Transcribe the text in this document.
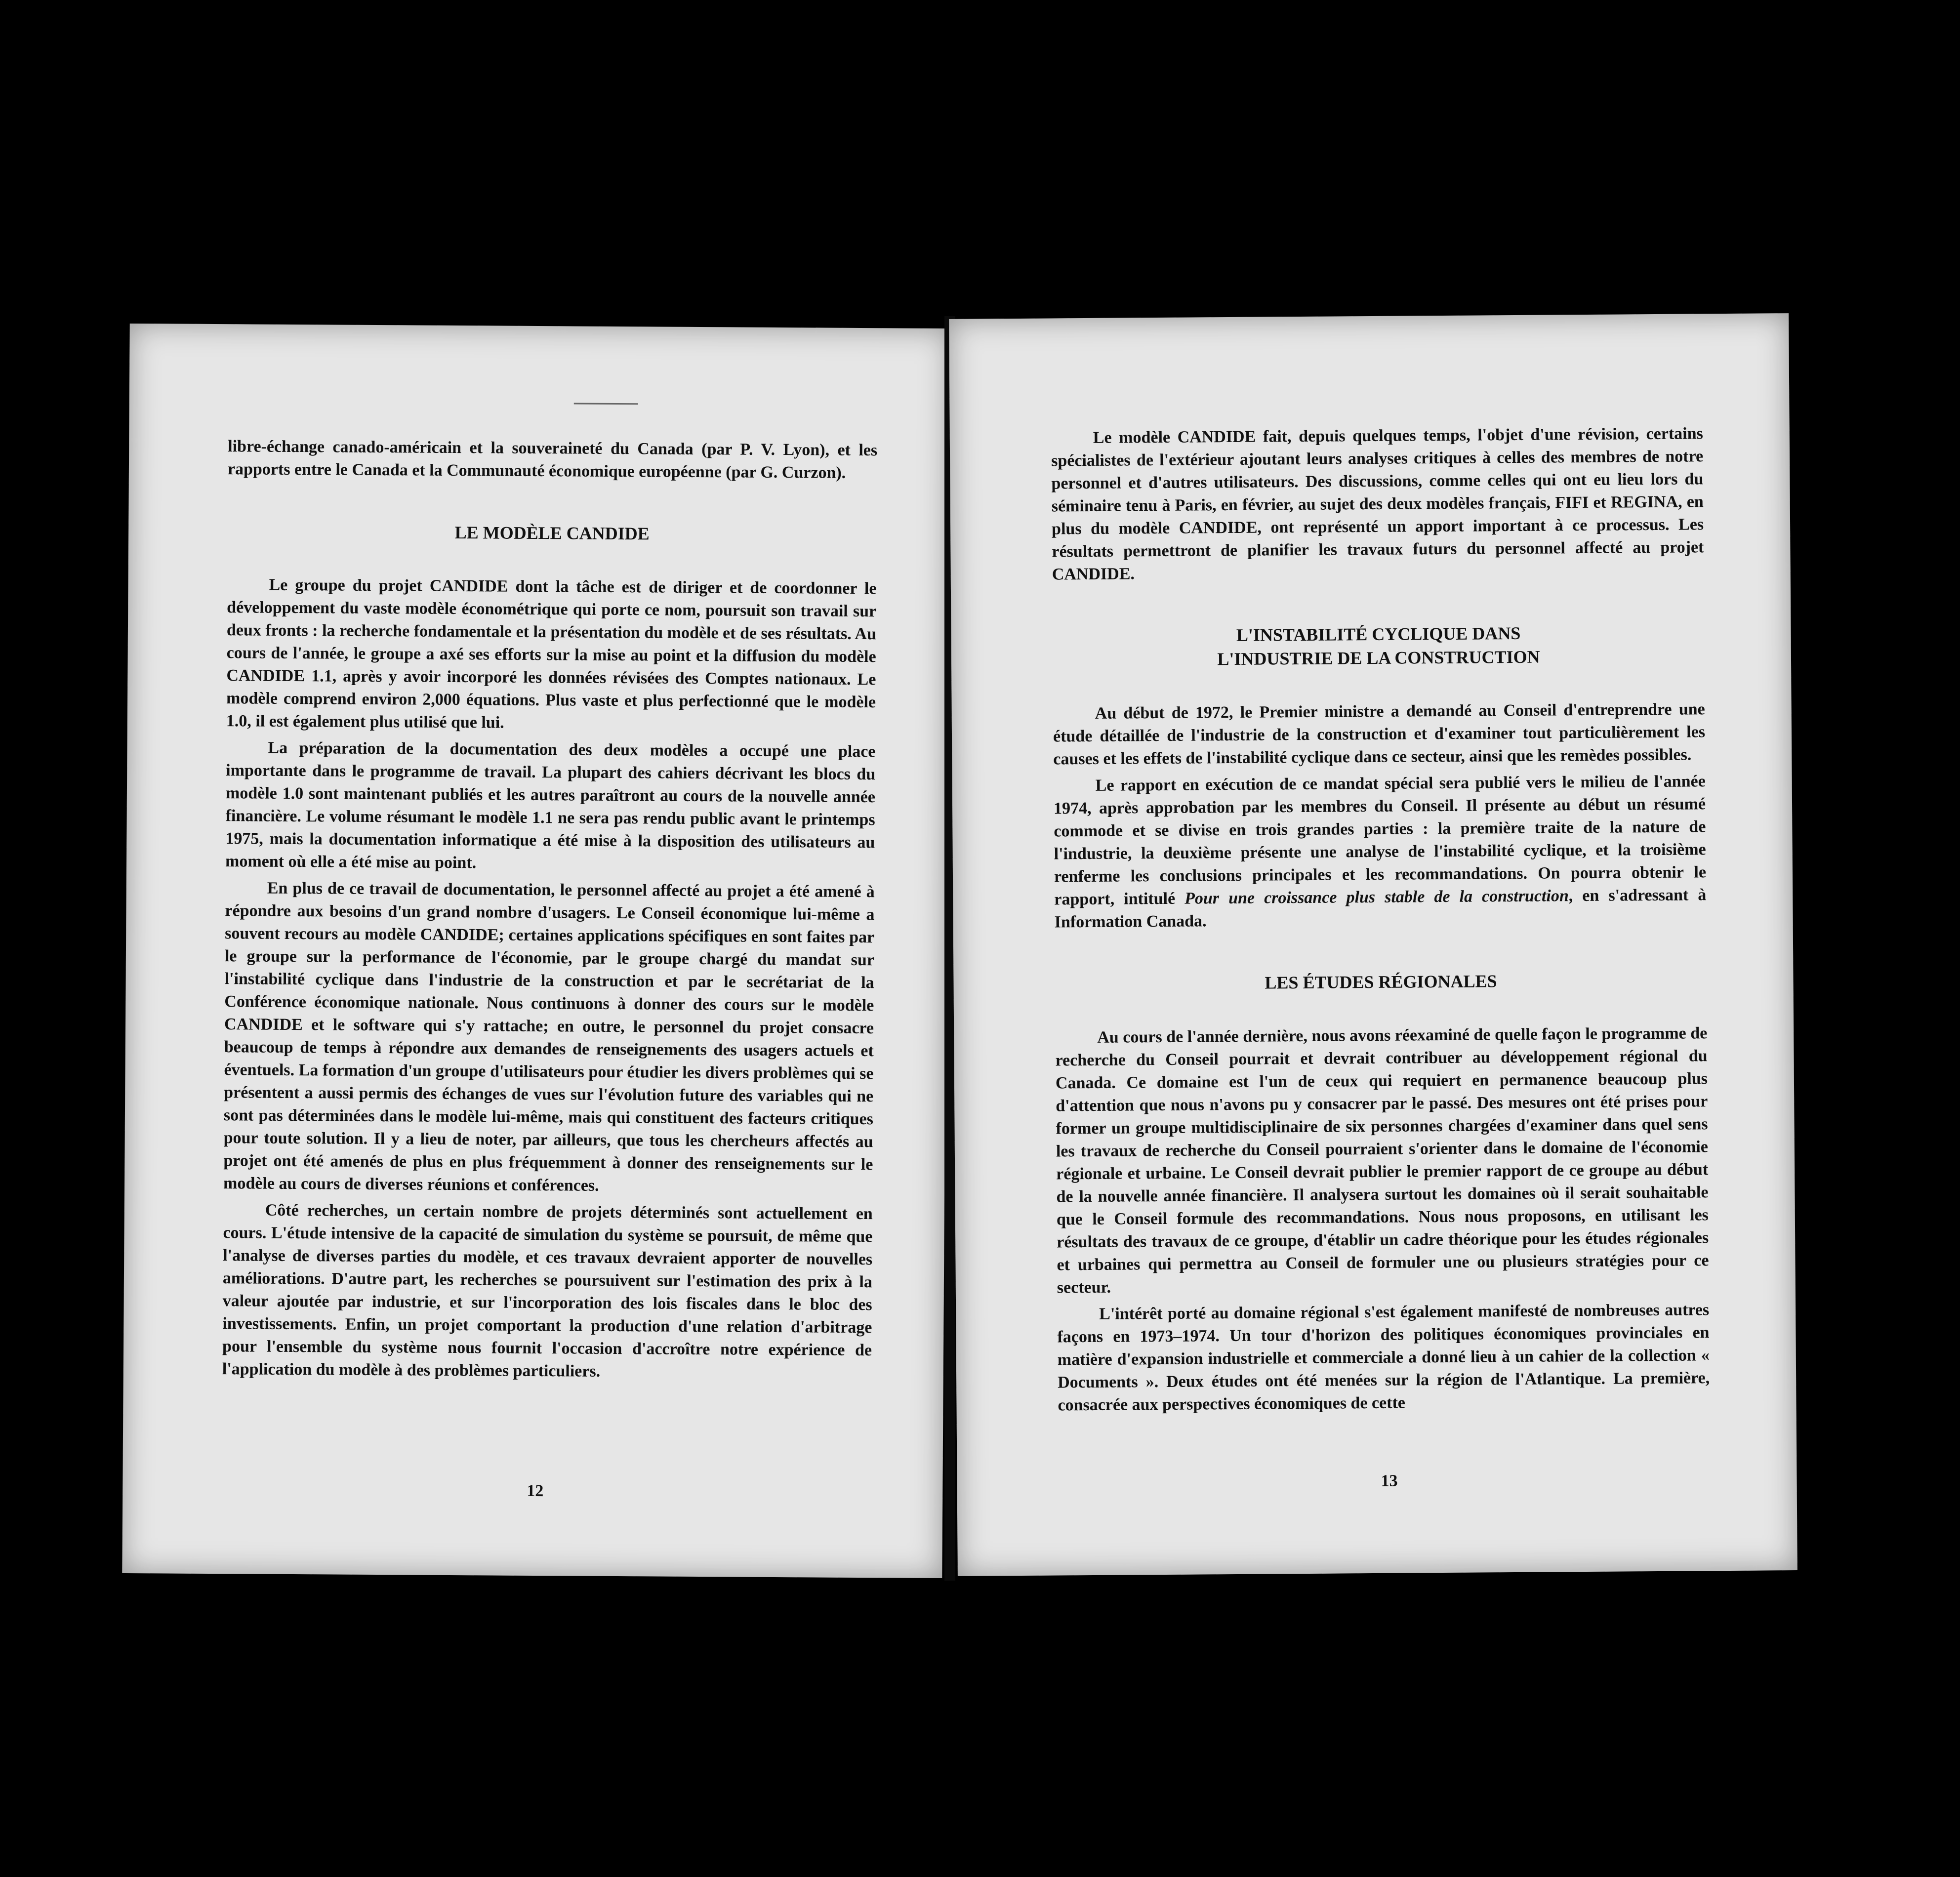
libre-échange canado-américain et la souveraineté du Canada (par P. V. Lyon), et les rapports entre le Canada et la Communauté économique européenne (par G. Curzon).

LE MODÈLE CANDIDE

Le groupe du projet CANDIDE dont la tâche est de diriger et de coordonner le développement du vaste modèle économétrique qui porte ce nom, poursuit son travail sur deux fronts : la recherche fondamentale et la présentation du modèle et de ses résultats. Au cours de l'année, le groupe a axé ses efforts sur la mise au point et la diffusion du modèle CANDIDE 1.1, après y avoir incorporé les données révisées des Comptes nationaux. Le modèle comprend environ 2,000 équations. Plus vaste et plus perfectionné que le modèle 1.0, il est également plus utilisé que lui.

La préparation de la documentation des deux modèles a occupé une place importante dans le programme de travail. La plupart des cahiers décrivant les blocs du modèle 1.0 sont maintenant publiés et les autres paraîtront au cours de la nouvelle année financière. Le volume résumant le modèle 1.1 ne sera pas rendu public avant le printemps 1975, mais la documentation informatique a été mise à la disposition des utilisateurs au moment où elle a été mise au point.

En plus de ce travail de documentation, le personnel affecté au projet a été amené à répondre aux besoins d'un grand nombre d'usagers. Le Conseil économique lui-même a souvent recours au modèle CANDIDE; certaines applications spécifiques en sont faites par le groupe sur la performance de l'économie, par le groupe chargé du mandat sur l'instabilité cyclique dans l'industrie de la construction et par le secrétariat de la Conférence économique nationale. Nous continuons à donner des cours sur le modèle CANDIDE et le software qui s'y rattache; en outre, le personnel du projet consacre beaucoup de temps à répondre aux demandes de renseignements des usagers actuels et éventuels. La formation d'un groupe d'utilisateurs pour étudier les divers problèmes qui se présentent a aussi permis des échanges de vues sur l'évolution future des variables qui ne sont pas déterminées dans le modèle lui-même, mais qui constituent des facteurs critiques pour toute solution. Il y a lieu de noter, par ailleurs, que tous les chercheurs affectés au projet ont été amenés de plus en plus fréquemment à donner des renseignements sur le modèle au cours de diverses réunions et conférences.

Côté recherches, un certain nombre de projets déterminés sont actuellement en cours. L'étude intensive de la capacité de simulation du système se poursuit, de même que l'analyse de diverses parties du modèle, et ces travaux devraient apporter de nouvelles améliorations. D'autre part, les recherches se poursuivent sur l'estimation des prix à la valeur ajoutée par industrie, et sur l'incorporation des lois fiscales dans le bloc des investissements. Enfin, un projet comportant la production d'une relation d'arbitrage pour l'ensemble du système nous fournit l'occasion d'accroître notre expérience de l'application du modèle à des problèmes particuliers.

12

Le modèle CANDIDE fait, depuis quelques temps, l'objet d'une révision, certains spécialistes de l'extérieur ajoutant leurs analyses critiques à celles des membres de notre personnel et d'autres utilisateurs. Des discussions, comme celles qui ont eu lieu lors du séminaire tenu à Paris, en février, au sujet des deux modèles français, FIFI et REGINA, en plus du modèle CANDIDE, ont représenté un apport important à ce processus. Les résultats permettront de planifier les travaux futurs du personnel affecté au projet CANDIDE.

L'INSTABILITÉ CYCLIQUE DANS
L'INDUSTRIE DE LA CONSTRUCTION

Au début de 1972, le Premier ministre a demandé au Conseil d'entreprendre une étude détaillée de l'industrie de la construction et d'examiner tout particulièrement les causes et les effets de l'instabilité cyclique dans ce secteur, ainsi que les remèdes possibles.

Le rapport en exécution de ce mandat spécial sera publié vers le milieu de l'année 1974, après approbation par les membres du Conseil. Il présente au début un résumé commode et se divise en trois grandes parties : la première traite de la nature de l'industrie, la deuxième présente une analyse de l'instabilité cyclique, et la troisième renferme les conclusions principales et les recommandations. On pourra obtenir le rapport, intitulé Pour une croissance plus stable de la construction, en s'adressant à Information Canada.

LES ÉTUDES RÉGIONALES

Au cours de l'année dernière, nous avons réexaminé de quelle façon le programme de recherche du Conseil pourrait et devrait contribuer au développement régional du Canada. Ce domaine est l'un de ceux qui requiert en permanence beaucoup plus d'attention que nous n'avons pu y consacrer par le passé. Des mesures ont été prises pour former un groupe multidisciplinaire de six personnes chargées d'examiner dans quel sens les travaux de recherche du Conseil pourraient s'orienter dans le domaine de l'économie régionale et urbaine. Le Conseil devrait publier le premier rapport de ce groupe au début de la nouvelle année financière. Il analysera surtout les domaines où il serait souhaitable que le Conseil formule des recommandations. Nous nous proposons, en utilisant les résultats des travaux de ce groupe, d'établir un cadre théorique pour les études régionales et urbaines qui permettra au Conseil de formuler une ou plusieurs stratégies pour ce secteur.

L'intérêt porté au domaine régional s'est également manifesté de nombreuses autres façons en 1973–1974. Un tour d'horizon des politiques économiques provinciales en matière d'expansion industrielle et commerciale a donné lieu à un cahier de la collection « Documents ». Deux études ont été menées sur la région de l'Atlantique. La première, consacrée aux perspectives économiques de cette

13
